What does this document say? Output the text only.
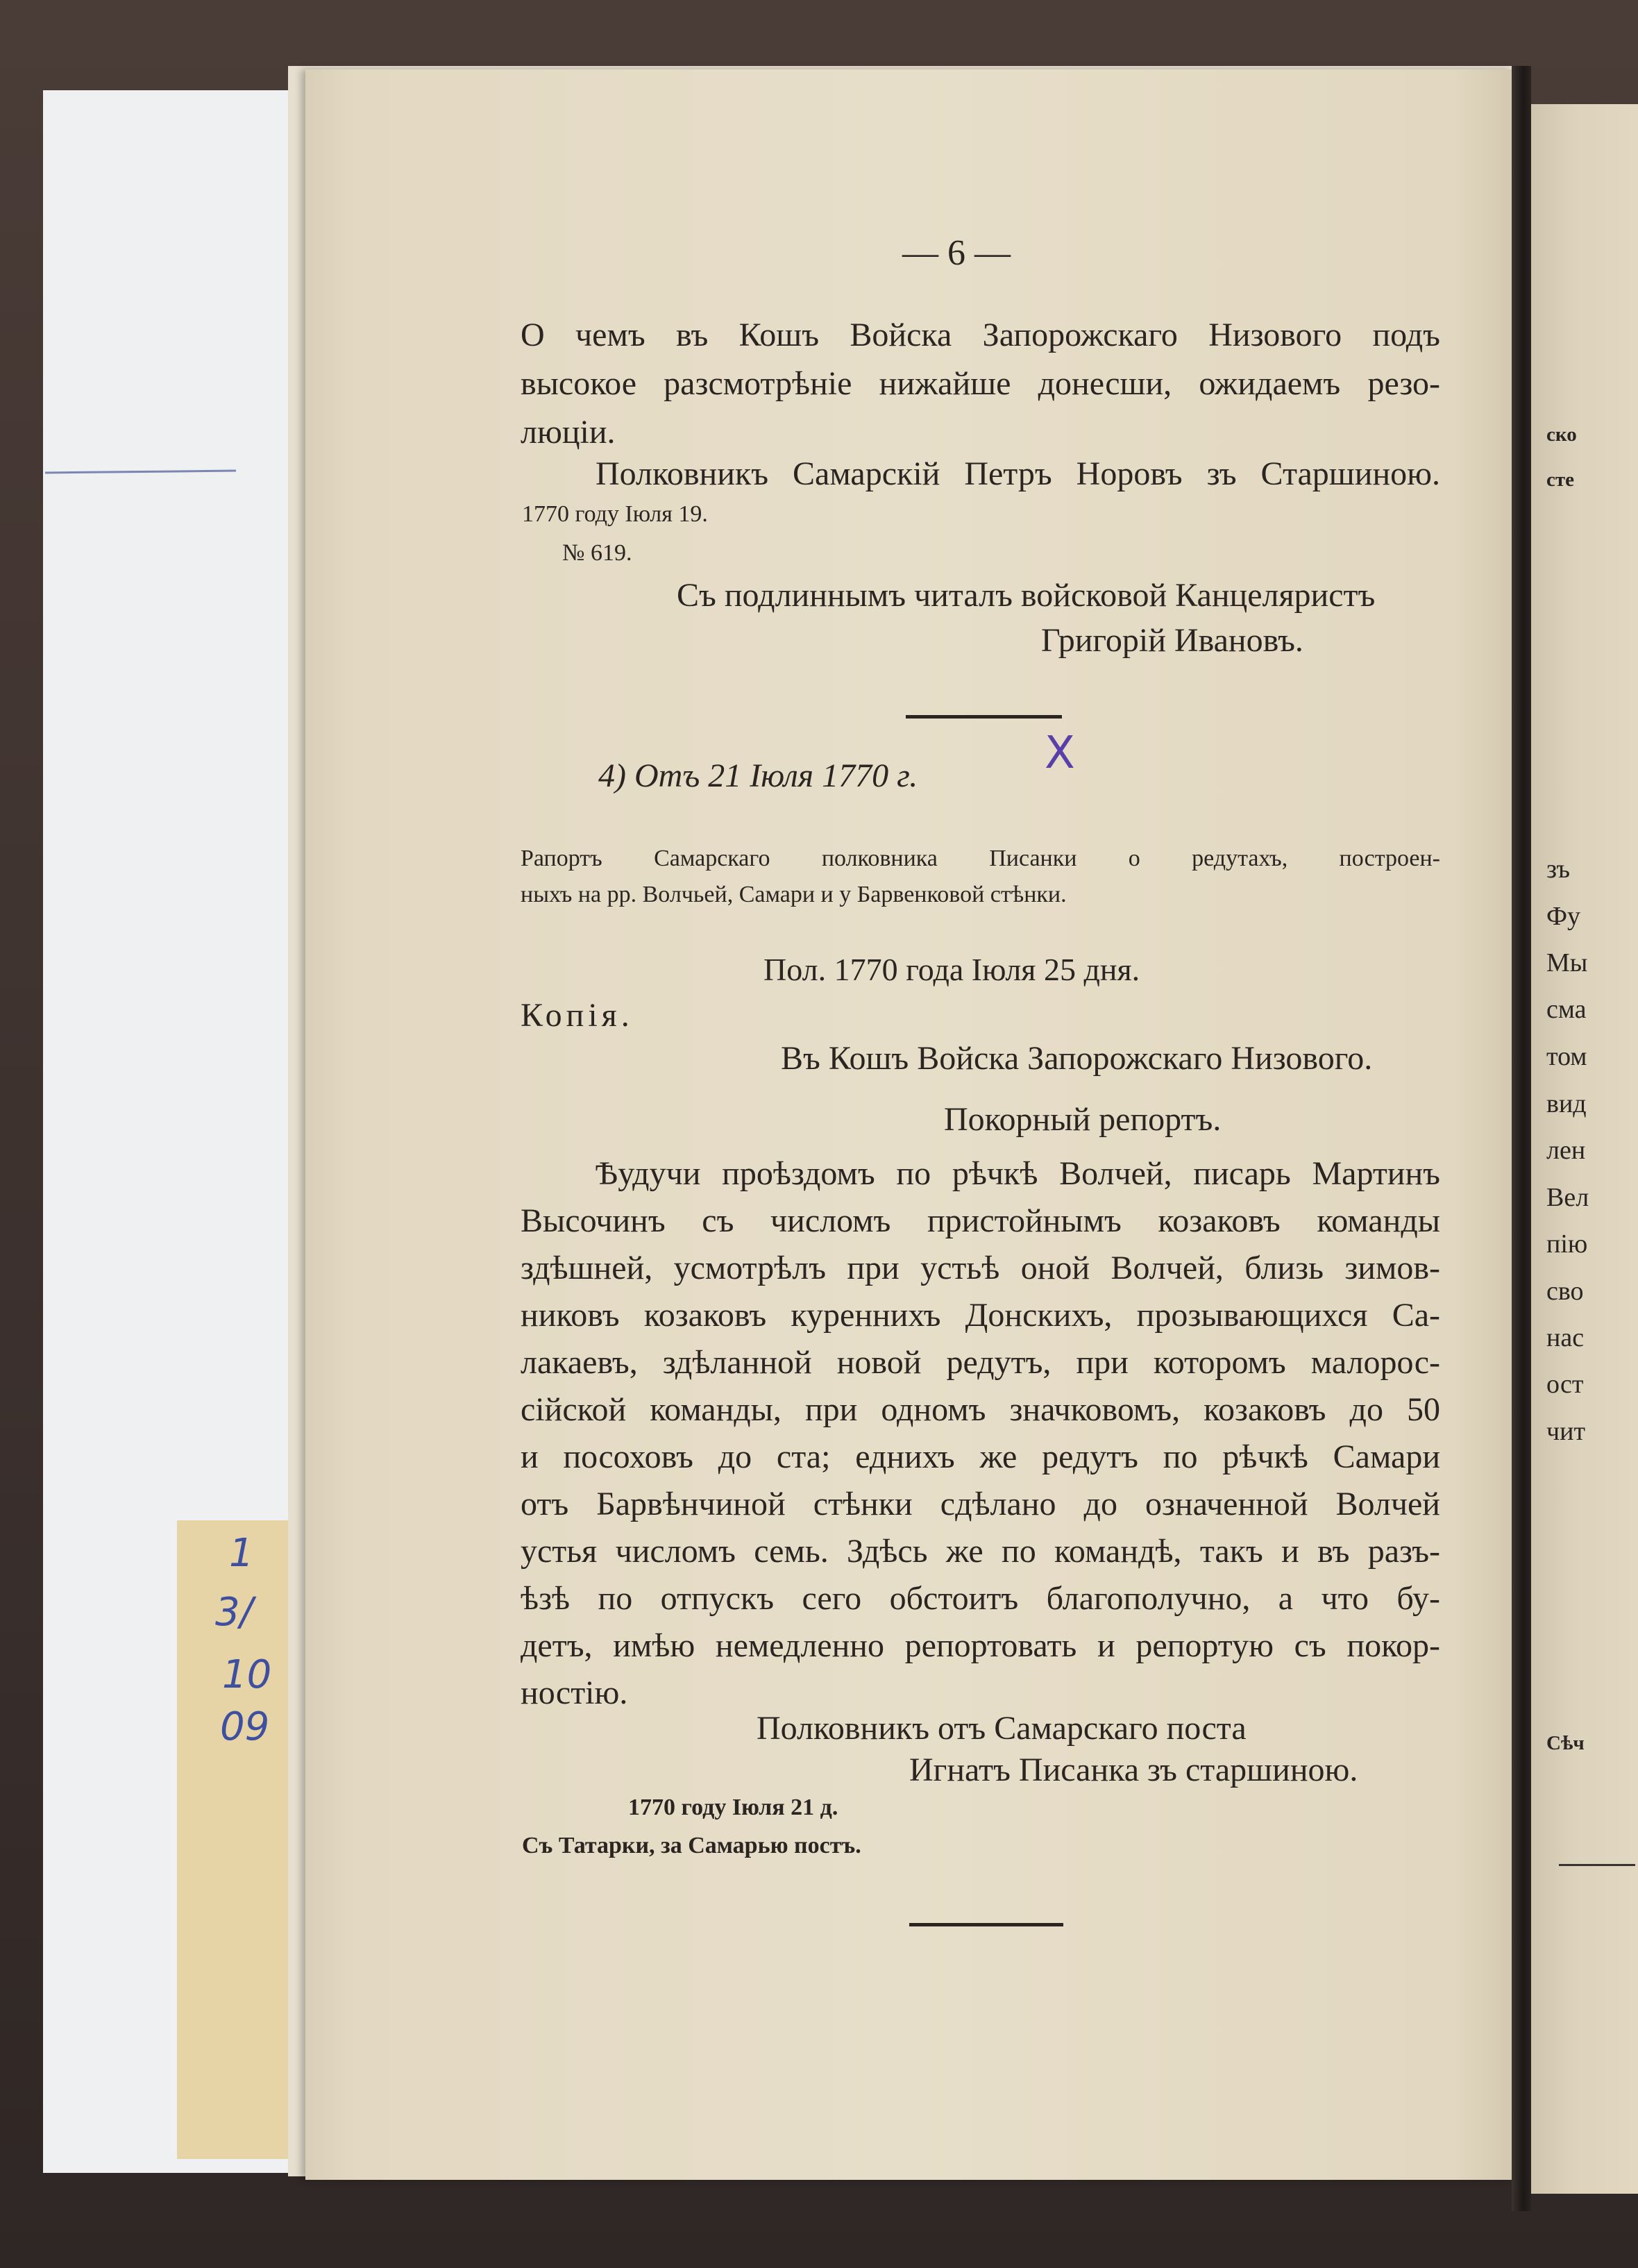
1
3/
10
09
ско
сте
зъ
Фу
Мы
сма
том
вид
лен
Вел
пію
сво
нас
ост
чит
Сѣч
— 6 —
О чемъ въ Кошъ Войска Запорожскаго Низового подъ
высокое разсмотрѣніе нижайше донесши, ожидаемъ резо-
люціи.
Полковникъ Самарскій Петръ Норовъ зъ Старшиною.
1770 году Іюля 19.
№ 619.
Съ подлиннымъ читалъ войсковой Канцеляристъ
Григорій Ивановъ.
4) Отъ 21 Іюля 1770 г.	X
Рапортъ Самарскаго полковника Писанки о редутахъ, построен-
ныхъ на рр. Волчьей, Самари и у Барвенковой стѣнки.
Пол. 1770 года Іюля 25 дня.
Копія.
Въ Кошъ Войска Запорожскаго Низового.
Покорный репортъ.
Ѣудучи проѣздомъ по рѣчкѣ Волчей, писарь Мартинъ
Высочинъ съ числомъ пристойнымъ козаковъ команды
здѣшней, усмотрѣлъ при устьѣ оной Волчей, близь зимов-
никовъ козаковъ куреннихъ Донскихъ, прозывающихся Са-
лакаевъ, здѣланной новой редутъ, при которомъ малорос-
сійской команды, при одномъ значковомъ, козаковъ до 50
и посоховъ до ста; еднихъ же редутъ по рѣчкѣ Самари
отъ Барвѣнчиной стѣнки сдѣлано до означенной Волчей
устья числомъ семь. Здѣсь же по командѣ, такъ и въ разъ-
ѣзѣ по отпускъ сего обстоитъ благополучно, а что бу-
детъ, имѣю немедленно репортовать и репортую съ покор-
ностію.
Полковникъ отъ Самарскаго поста
Игнатъ Писанка зъ старшиною.
1770 году Іюля 21 д.
Съ Татарки, за Самарью постъ.
